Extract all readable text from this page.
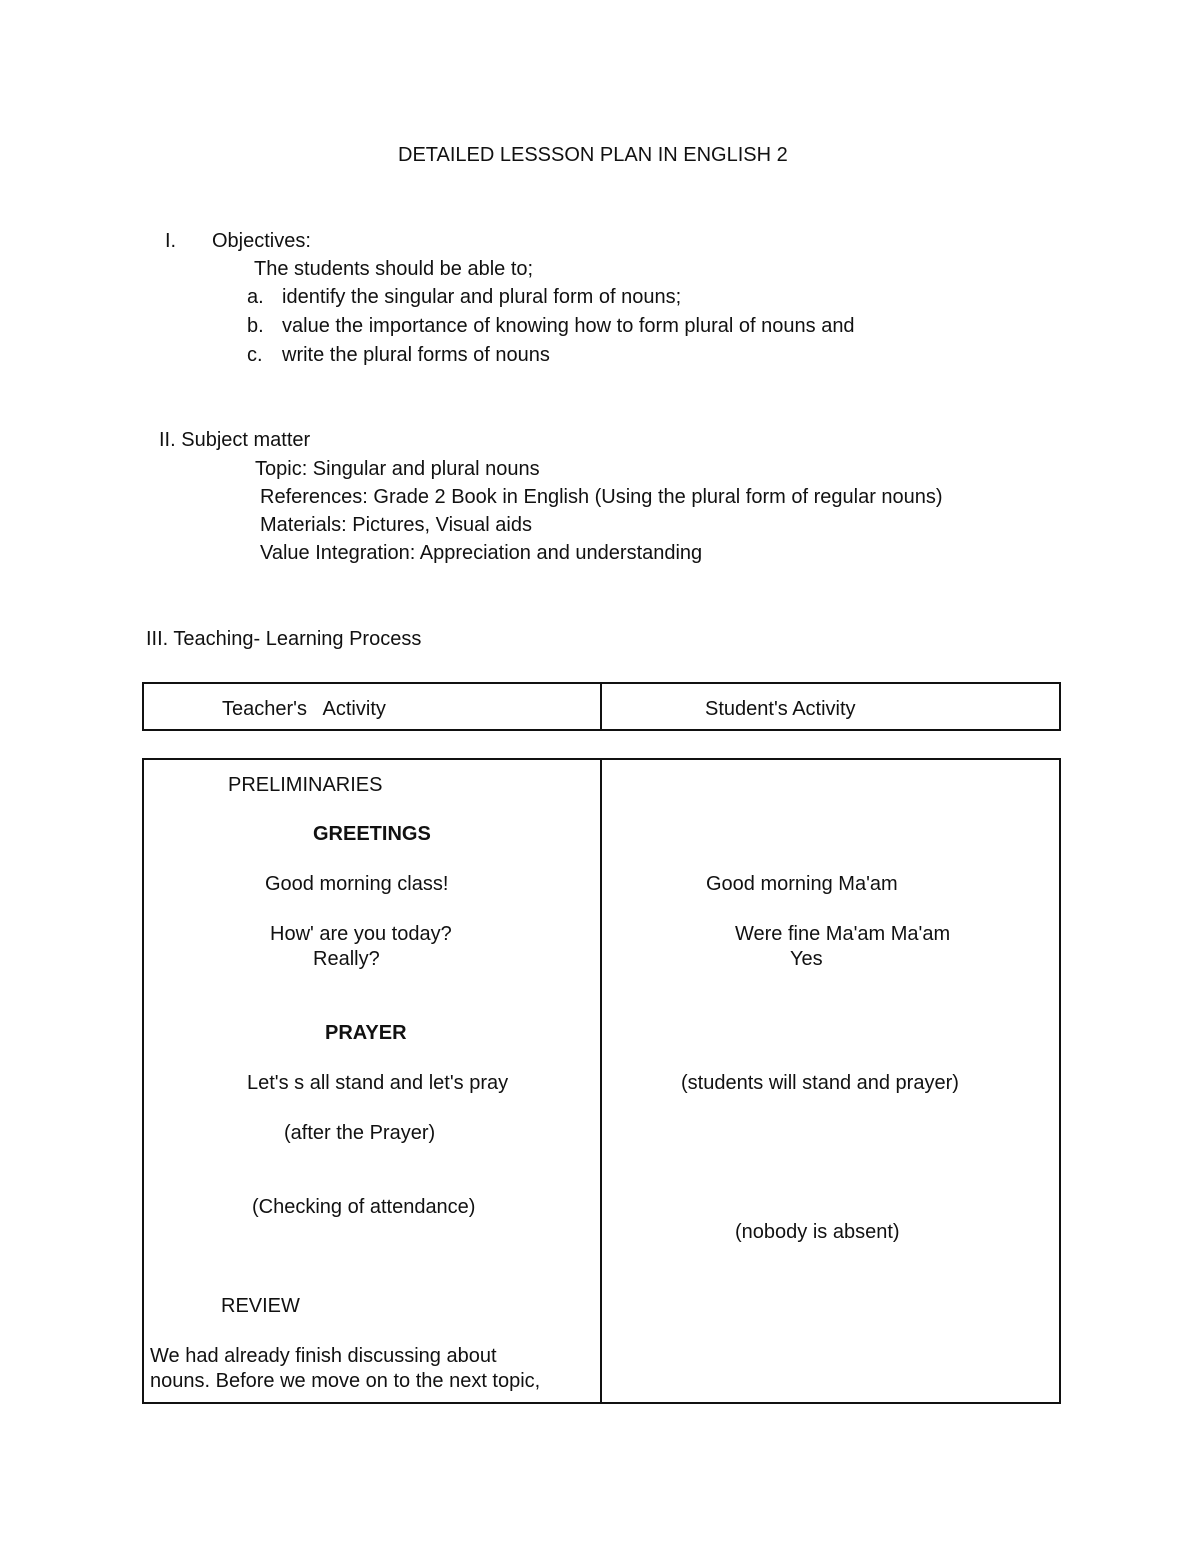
DETAILED LESSSON PLAN IN ENGLISH 2
I. Objectives:
The students should be able to;
a. identify the singular and plural form of nouns;
b. value the importance of knowing how to form plural of nouns and
c. write the plural forms of nouns
II. Subject matter
Topic: Singular and plural nouns
References: Grade 2 Book in English (Using the plural form of regular nouns)
Materials: Pictures, Visual aids
Value Integration: Appreciation and understanding
III. Teaching- Learning Process
Teacher's   Activity	Student's Activity
PRELIMINARIES
GREETINGS
Good morning class!
How' are you today?
Really?
PRAYER
Let's s all stand and let's pray
(after the Prayer)
(Checking of attendance)
REVIEW
We had already finish discussing about
nouns. Before we move on to the next topic,
Good morning Ma'am
Were fine Ma'am Ma'am
Yes
(students will stand and prayer)
(nobody is absent)
